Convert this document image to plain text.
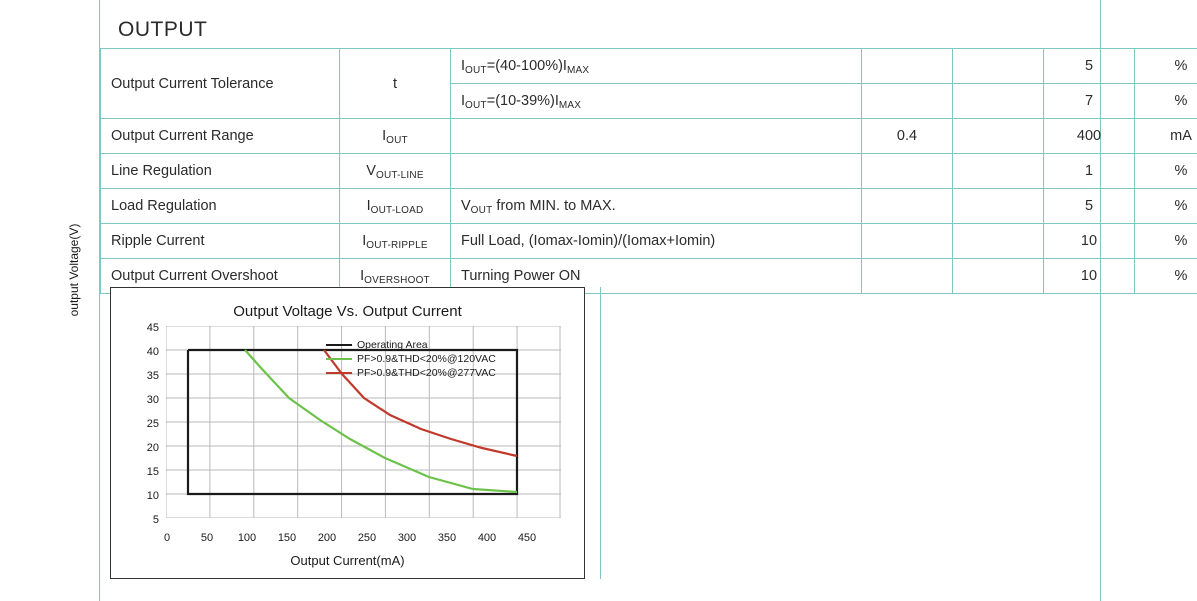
OUTPUT
Output Current Tolerance	t	$I_{OUT}=(40-100\%)I_{MAX}$			5	%
		$I_{OUT}=(10-39\%)I_{MAX}$			7	%
Output Current Range	$I_{OUT}$		0.4		400	mA
Line Regulation	$V_{OUT-LINE}$				1	%
Load Regulation	$I_{OUT-LOAD}$	$V_{OUT}$ from MIN. to MAX.			5	%
Ripple Current	$I_{OUT-RIPPLE}$	Full Load, (Iomax-Iomin)/(Iomax+Iomin)			10	%
Output Current Overshoot	$I_{OVERSHOOT}$	Turning Power ON			10	%
Output Voltage Vs. Output Current
output Voltage(V)
Output Current(mA)
5
10
15
20
25
30
35
40
45
0	50	100	150	200	250	300	350	400	450
Operating Area
PF>0.9&THD<20%@120VAC
PF>0.9&THD<20%@277VAC
